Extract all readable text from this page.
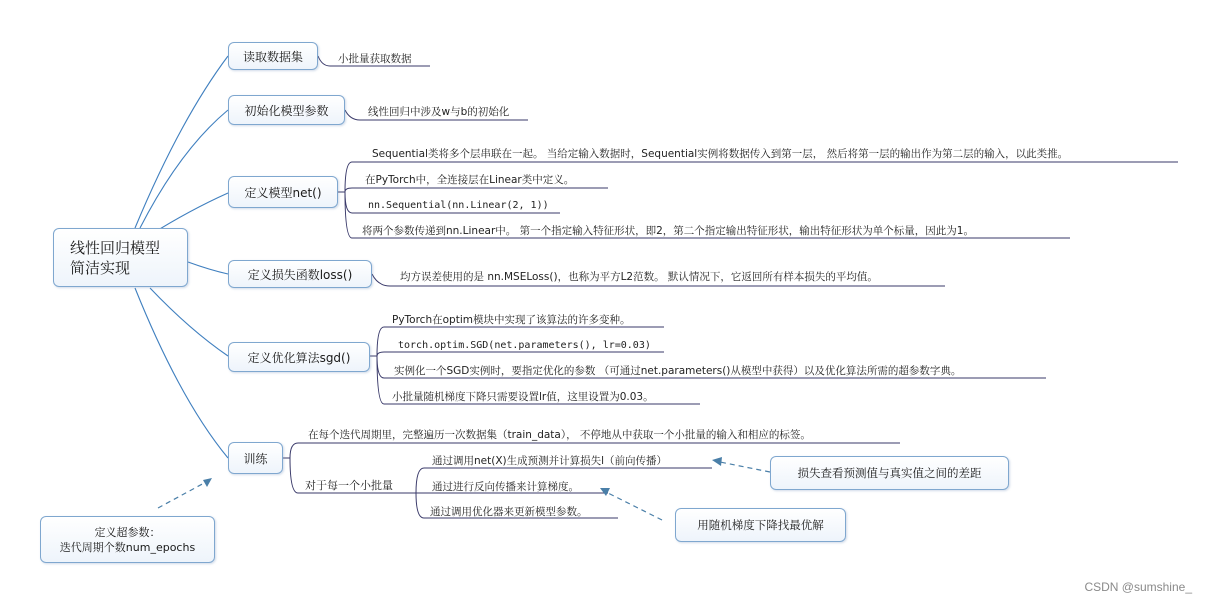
线性回归模型
简洁实现
读取数据集
初始化模型参数
定义模型net()
定义损失函数loss()
定义优化算法sgd()
训练
小批量获取数据
线性回归中涉及w与b的初始化
Sequential类将多个层串联在一起。 当给定输入数据时，Sequential实例将数据传入到第一层， 然后将第一层的输出作为第二层的输入，以此类推。
在PyTorch中，全连接层在Linear类中定义。
nn.Sequential(nn.Linear(2, 1))
将两个参数传递到nn.Linear中。 第一个指定输入特征形状，即2，第二个指定输出特征形状，输出特征形状为单个标量，因此为1。
均方误差使用的是 nn.MSELoss()，也称为平方L2范数。 默认情况下，它返回所有样本损失的平均值。
PyTorch在optim模块中实现了该算法的许多变种。
torch.optim.SGD(net.parameters(), lr=0.03)
实例化一个SGD实例时，要指定优化的参数 （可通过net.parameters()从模型中获得）以及优化算法所需的超参数字典。
小批量随机梯度下降只需要设置lr值，这里设置为0.03。
在每个迭代周期里，完整遍历一次数据集（train_data）， 不停地从中获取一个小批量的输入和相应的标签。
对于每一个小批量
通过调用net(X)生成预测并计算损失l（前向传播）
通过进行反向传播来计算梯度。
通过调用优化器来更新模型参数。
定义超参数：
迭代周期个数num_epochs
损失查看预测值与真实值之间的差距
用随机梯度下降找最优解
CSDN @sumshine_
